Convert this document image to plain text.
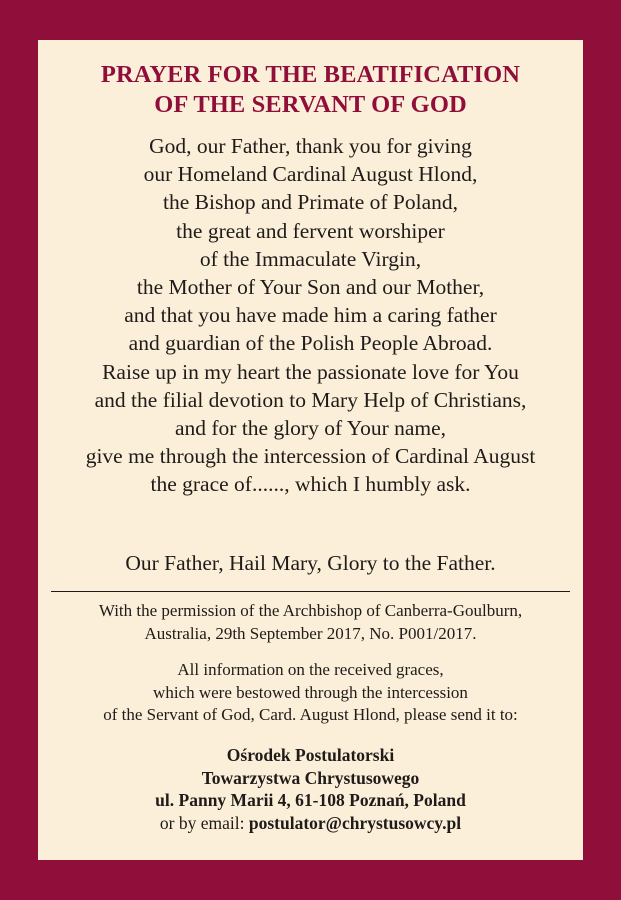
PRAYER FOR THE BEATIFICATION
OF THE SERVANT OF GOD
God, our Father, thank you for giving
our Homeland Cardinal August Hlond,
the Bishop and Primate of Poland,
the great and fervent worshiper
of the Immaculate Virgin,
the Mother of Your Son and our Mother,
and that you have made him a caring father
and guardian of the Polish People Abroad.
Raise up in my heart the passionate love for You
and the filial devotion to Mary Help of Christians,
and for the glory of Your name,
give me through the intercession of Cardinal August
the grace of......, which I humbly ask.
Our Father, Hail Mary, Glory to the Father.
With the permission of the Archbishop of Canberra-Goulburn,
Australia, 29th September 2017, No. P001/2017.
All information on the received graces,
which were bestowed through the intercession
of the Servant of God, Card. August Hlond, please send it to:
Ośrodek Postulatorski
Towarzystwa Chrystusowego
ul. Panny Marii 4, 61-108 Poznań, Poland
or by email: postulator@chrystusowcy.pl
